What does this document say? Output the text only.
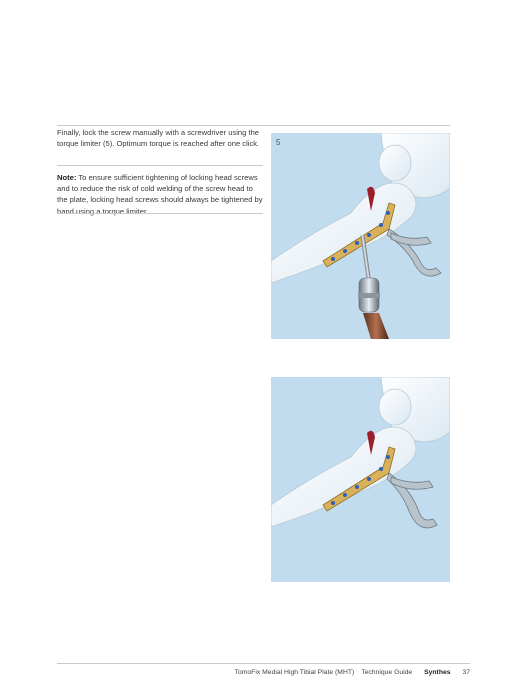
Finally, lock the screw manually with a screwdriver using the torque limiter (5). Optimum torque is reached after one click.

Note: To ensure sufficient tightening of locking head screws and to reduce the risk of cold welding of the screw head to the plate, locking head screws should always be tightened by hand using a torque limiter.

5
TomoFix Medial High Tibial Plate (MHT) Technique Guide Synthes 37
